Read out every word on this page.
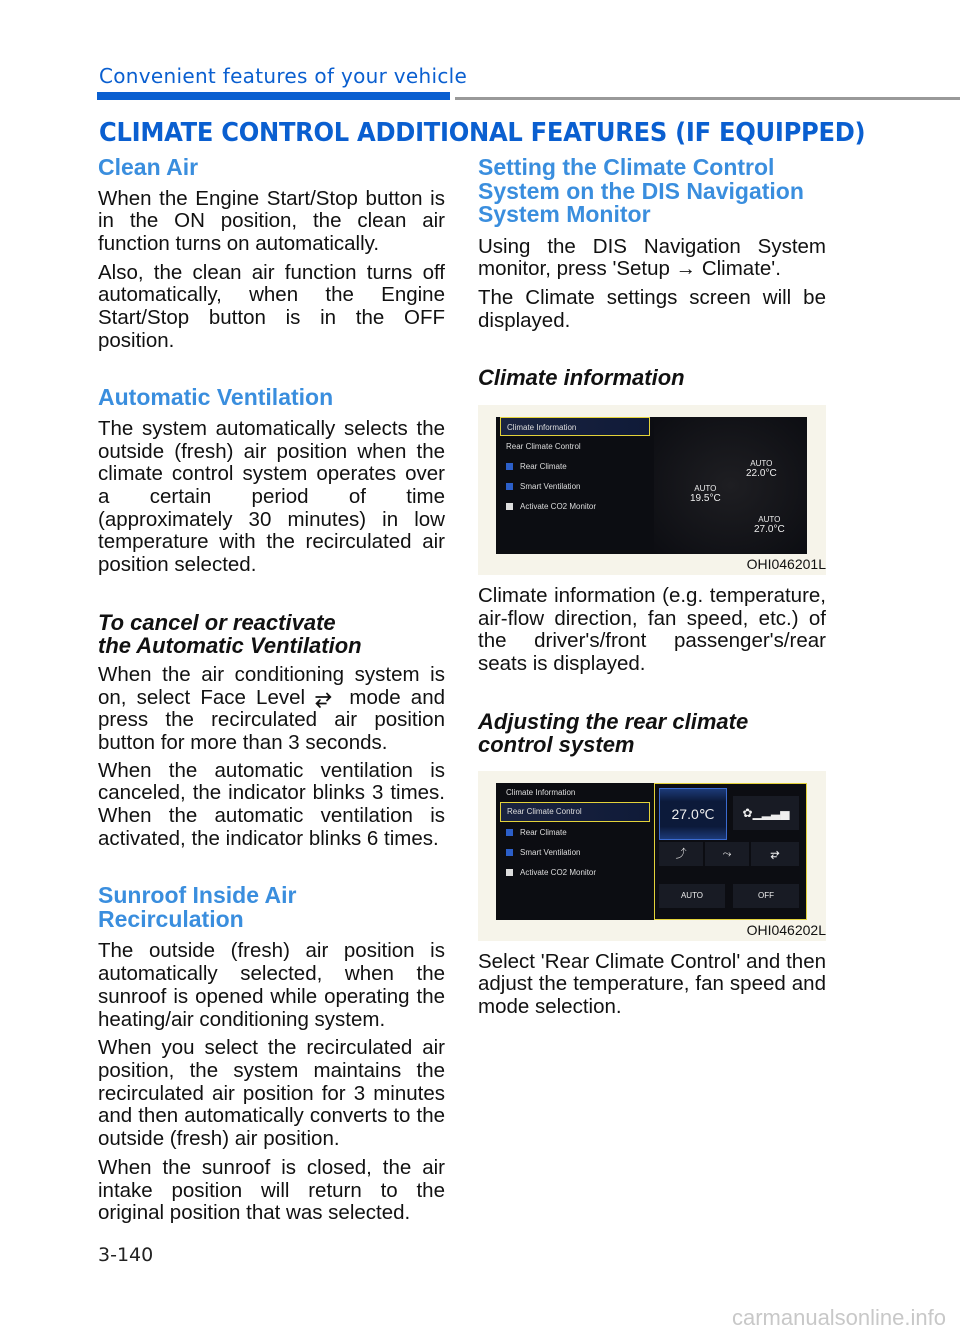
Convenient features of your vehicle
CLIMATE CONTROL ADDITIONAL FEATURES (IF EQUIPPED)
Clean Air
When the Engine Start/Stop button is in the ON position, the clean air function turns on automatically.
Also, the clean air function turns off automatically, when the Engine Start/Stop button is in the OFF position.
Automatic Ventilation
The system automatically selects the outside (fresh) air position when the climate control system operates over a certain period of time (approximately 30 minutes) in low temperature with the recirculated air position selected.
To cancel or reactivate
the Automatic Ventilation
When the air conditioning system is on, select Face Level ⥂ mode and press the recirculated air position button for more than 3 seconds.
When the automatic ventilation is canceled, the indicator blinks 3 times. When the automatic ventilation is activated, the indicator blinks 6 times.
Sunroof Inside Air Recirculation
The outside (fresh) air position is automatically selected, when the sunroof is opened while operating the heating/air conditioning system.
When you select the recirculated air position, the system maintains the recirculated air position for 3 minutes and then automatically converts to the outside (fresh) air position.
When the sunroof is closed, the air intake position will return to the original position that was selected.
Setting the Climate Control System on the DIS Navigation System Monitor
Using the DIS Navigation System monitor, press 'Setup → Climate'.
The Climate settings screen will be displayed.
Climate information
Climate Information
Rear Climate Control
Rear Climate
Smart Ventilation
Activate CO2 Monitor
AUTO
22.0°C
AUTO
19.5°C
AUTO
27.0°C
OHI046201L
Climate information (e.g. temperature, air-flow direction, fan speed, etc.) of the driver's/front passenger's/rear seats is displayed.
Adjusting the rear climate control system
Climate Information
Rear Climate Control
Rear Climate
Smart Ventilation
Activate CO2 Monitor
27.0℃	✿▁▂▃▅
⤴	⤳	⥂
AUTO	OFF
OHI046202L
Select 'Rear Climate Control' and then adjust the temperature, fan speed and mode selection.
3-140
carmanualsonline.info
